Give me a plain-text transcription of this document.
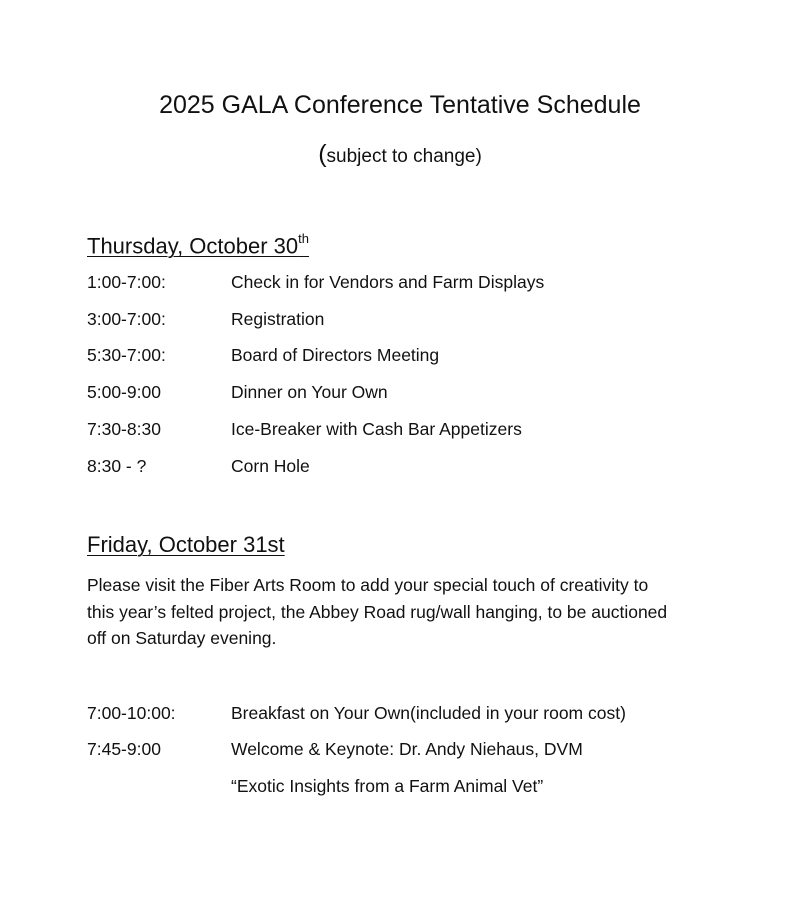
2025 GALA Conference Tentative Schedule
(subject to change)
Thursday, October 30th
1:00-7:00:	Check in for Vendors and Farm Displays
3:00-7:00:	Registration
5:30-7:00:	Board of Directors Meeting
5:00-9:00	Dinner on Your Own
7:30-8:30	Ice-Breaker with Cash Bar Appetizers
8:30 - ?	Corn Hole
Friday, October 31st
Please visit the Fiber Arts Room to add your special touch of creativity to
this year’s felted project, the Abbey Road rug/wall hanging, to be auctioned
off on Saturday evening.
7:00-10:00:	Breakfast on Your Own(included in your room cost)
7:45-9:00	Welcome & Keynote: Dr. Andy Niehaus, DVM
“Exotic Insights from a Farm Animal Vet”
